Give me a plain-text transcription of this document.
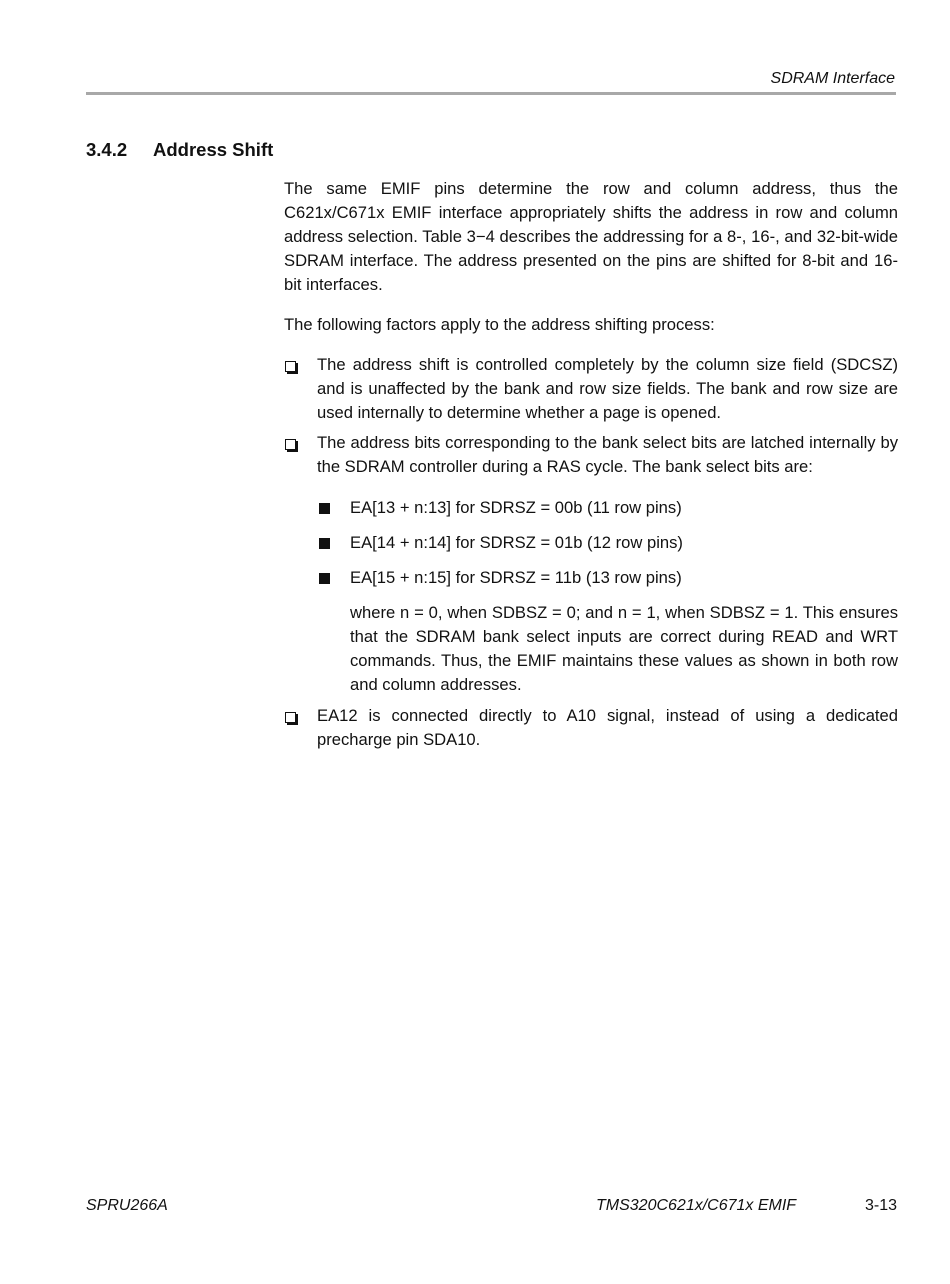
SDRAM Interface
3.4.2 Address Shift

The same EMIF pins determine the row and column address, thus the C621x/C671x EMIF interface appropriately shifts the address in row and column address selection. Table 3−4 describes the addressing for a 8-, 16-, and 32-bit-wide SDRAM interface. The address presented on the pins are shifted for 8-bit and 16-bit interfaces.

The following factors apply to the address shifting process:

The address shift is controlled completely by the column size field (SDCSZ) and is unaffected by the bank and row size fields. The bank and row size are used internally to determine whether a page is opened.
The address bits corresponding to the bank select bits are latched internally by the SDRAM controller during a RAS cycle. The bank select bits are:
EA[13 + n:13] for SDRSZ = 00b (11 row pins)
EA[14 + n:14] for SDRSZ = 01b (12 row pins)
EA[15 + n:15] for SDRSZ = 11b (13 row pins)
where n = 0, when SDBSZ = 0; and n = 1, when SDBSZ = 1. This ensures that the SDRAM bank select inputs are correct during READ and WRT commands. Thus, the EMIF maintains these values as shown in both row and column addresses.
EA12 is connected directly to A10 signal, instead of using a dedicated precharge pin SDA10.
SPRU266A	TMS320C621x/C671x EMIF	3-13
